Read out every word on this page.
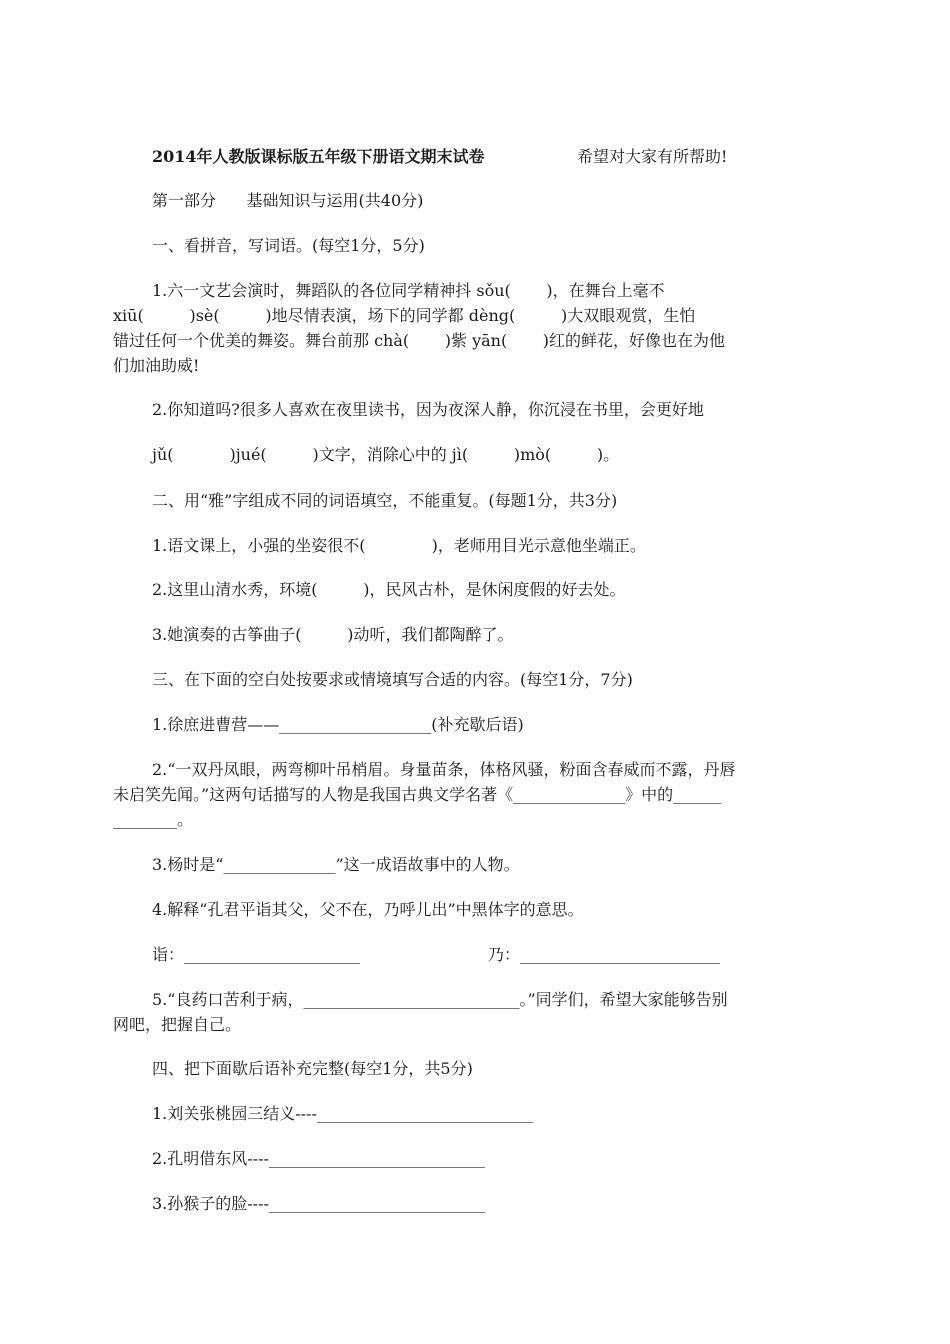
2014年人教版课标版五年级下册语文期末试卷	希望对大家有所帮助!
第一部分      基础知识与运用(共40分)
一、看拼音，写词语。(每空1分，5分)
1.六一文艺会演时，舞蹈队的各位同学精神抖 sǒu(       )，在舞台上毫不
xiū(         )sè(         )地尽情表演，场下的同学都 dèng(         )大双眼观赏，生怕
错过任何一个优美的舞姿。舞台前那 chà(       )紫 yān(       )红的鲜花，好像也在为他
们加油助威!
2.你知道吗?很多人喜欢在夜里读书，因为夜深人静，你沉浸在书里，会更好地
jǔ(           )jué(         )文字，消除心中的 jì(         )mò(         )。
二、用“雅”字组成不同的词语填空，不能重复。(每题1分，共3分)
1.语文课上，小强的坐姿很不(             )，老师用目光示意他坐端正。
2.这里山清水秀，环境(         )，民风古朴，是休闲度假的好去处。
3.她演奏的古筝曲子(         )动听，我们都陶醉了。
三、在下面的空白处按要求或情境填写合适的内容。(每空1分，7分)
1.徐庶进曹营——___________________(补充歇后语)
2.“一双丹凤眼，两弯柳叶吊梢眉。身量苗条，体格风骚，粉面含春威而不露，丹唇
未启笑先闻。”这两句话描写的人物是我国古典文学名著《______________》中的______
________。
3.杨时是“______________”这一成语故事中的人物。
4.解释“孔君平诣其父，父不在，乃呼儿出”中黑体字的意思。
诣：______________________	乃：_________________________
5.“良药口苦利于病，___________________________。”同学们，希望大家能够告别
网吧，把握自己。
四、把下面歇后语补充完整(每空1分，共5分)
1.刘关张桃园三结义----___________________________
2.孔明借东风----___________________________
3.孙猴子的脸----___________________________
